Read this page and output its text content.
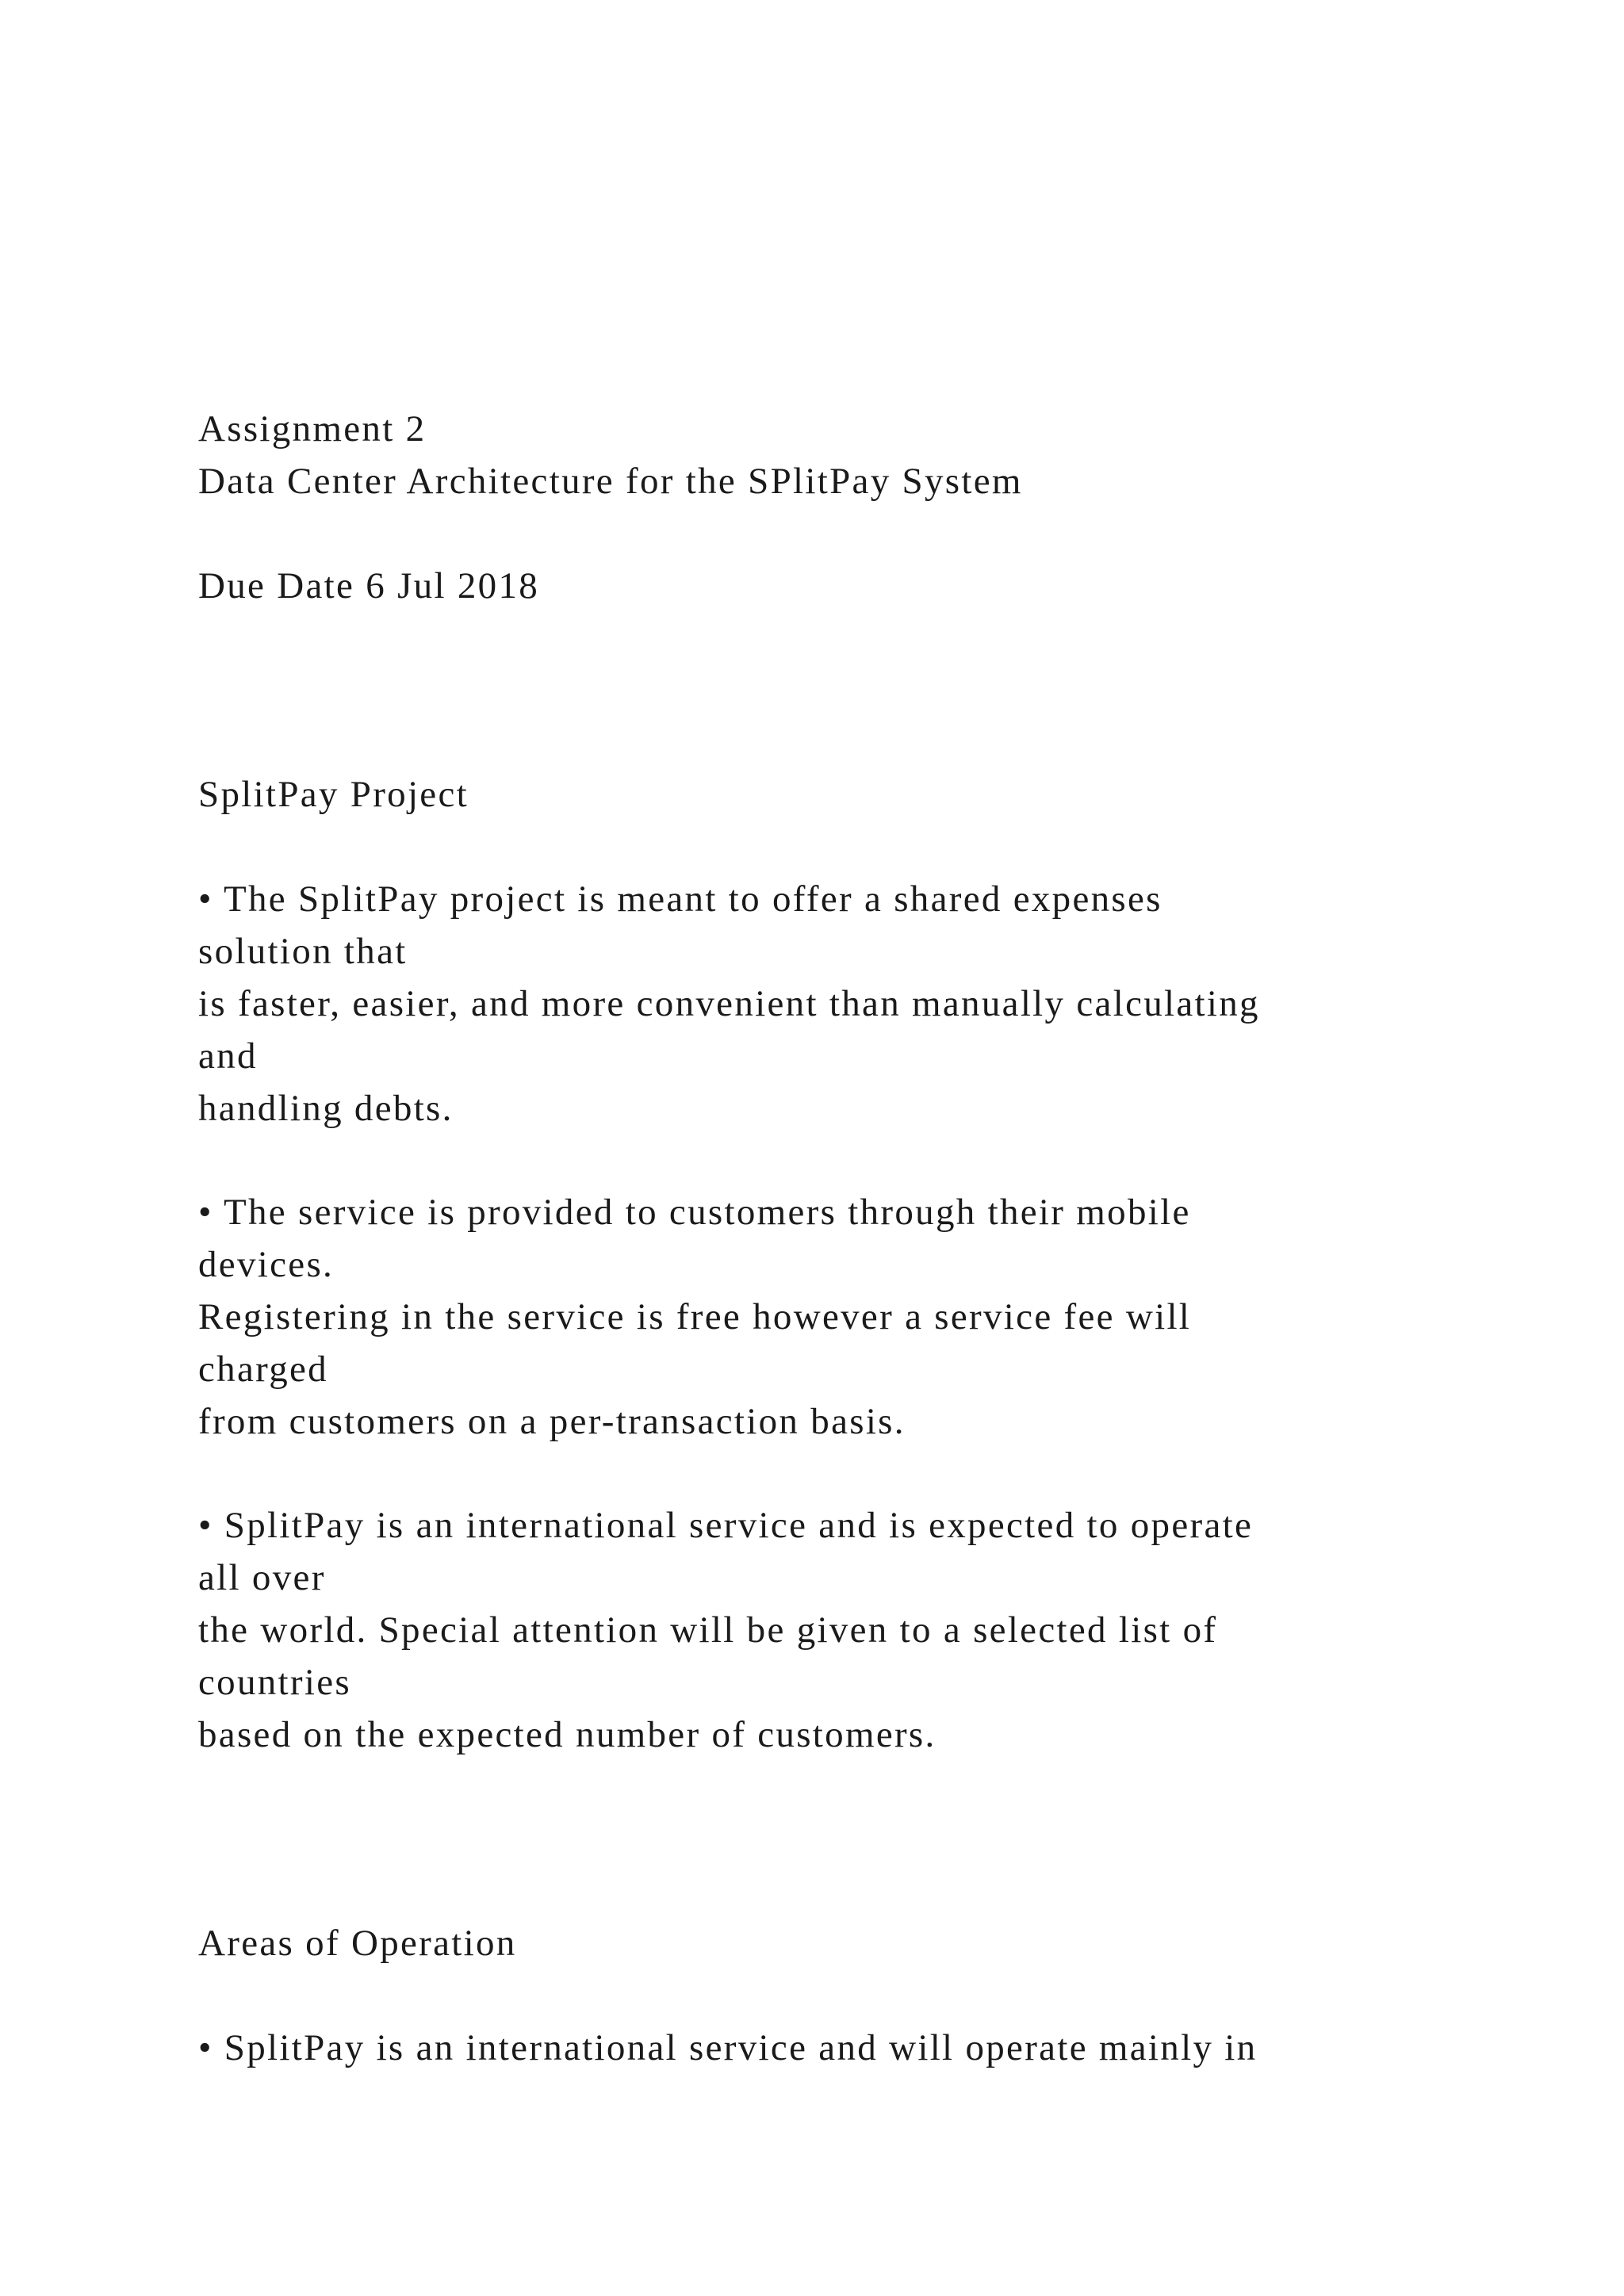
Assignment 2

Data Center Architecture for the SPlitPay System

Due Date 6 Jul 2018

SplitPay Project

• The SplitPay project is meant to offer a shared expenses

solution that

is faster, easier, and more convenient than manually calculating

and

handling debts.

• The service is provided to customers through their mobile

devices.

Registering in the service is free however a service fee will

charged

from customers on a per-transaction basis.

• SplitPay is an international service and is expected to operate

all over

the world. Special attention will be given to a selected list of

countries

based on the expected number of customers.

Areas of Operation

• SplitPay is an international service and will operate mainly in
